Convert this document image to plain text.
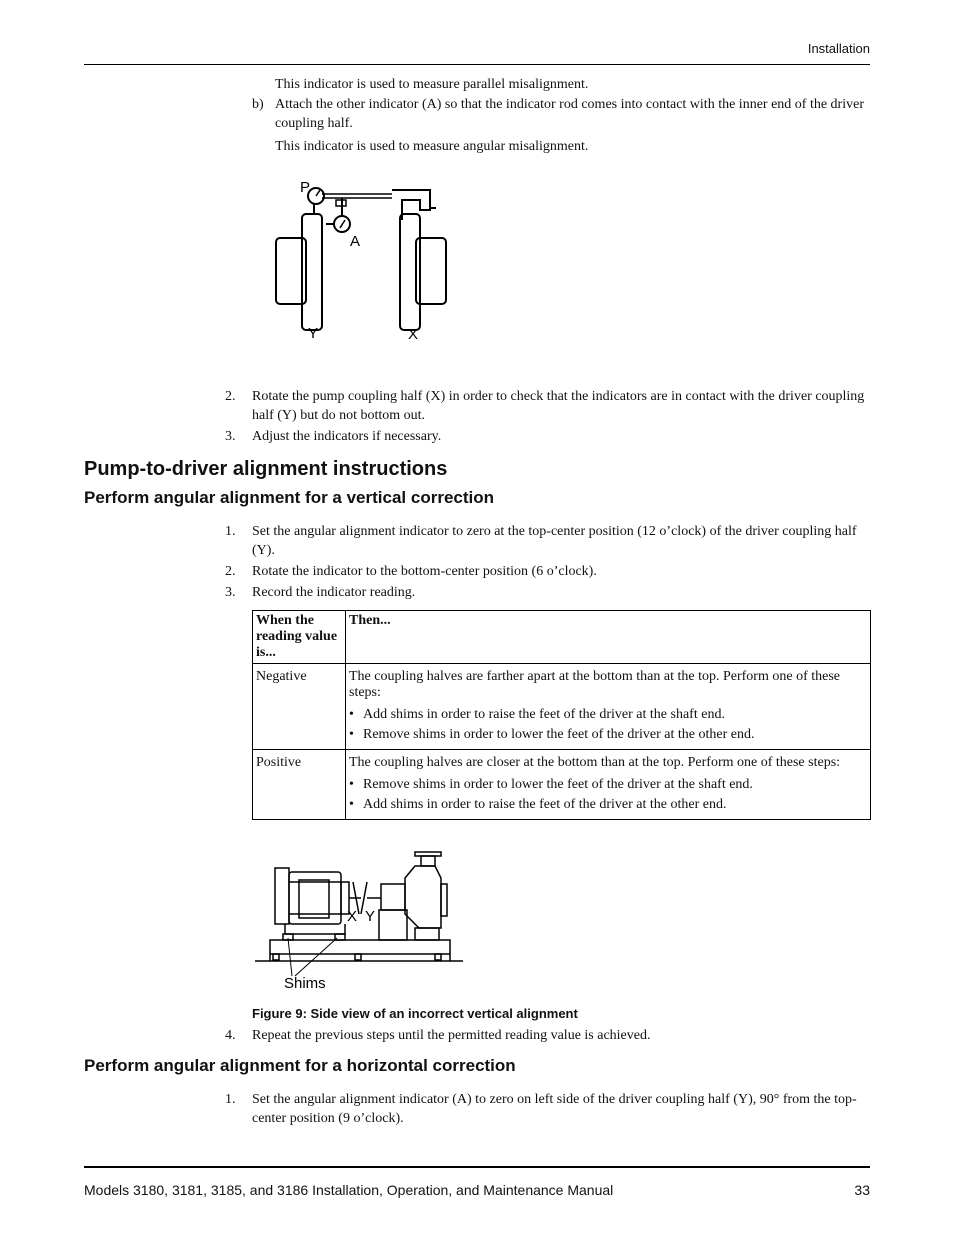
Installation
This indicator is used to measure parallel misalignment.
b) Attach the other indicator (A) so that the indicator rod comes into contact with the inner end of the driver coupling half.
This indicator is used to measure angular misalignment.
P
A
Y	X
2.	Rotate the pump coupling half (X) in order to check that the indicators are in contact with the driver coupling half (Y) but do not bottom out.
3.	Adjust the indicators if necessary.
Pump-to-driver alignment instructions
Perform angular alignment for a vertical correction
1.	Set the angular alignment indicator to zero at the top-center position (12 o’clock) of the driver coupling half (Y).
2.	Rotate the indicator to the bottom-center position (6 o’clock).
3.	Record the indicator reading.
When the reading value is...	Then...
Negative	The coupling halves are farther apart at the bottom than at the top. Perform one of these steps:
• Add shims in order to raise the feet of the driver at the shaft end.
• Remove shims in order to lower the feet of the driver at the other end.

Positive	The coupling halves are closer at the bottom than at the top. Perform one of these steps:
• Remove shims in order to lower the feet of the driver at the shaft end.
• Add shims in order to raise the feet of the driver at the other end.
X Y
Shims
Figure 9: Side view of an incorrect vertical alignment
4.	Repeat the previous steps until the permitted reading value is achieved.
Perform angular alignment for a horizontal correction
1.	Set the angular alignment indicator (A) to zero on left side of the driver coupling half (Y), 90° from the top-center position (9 o’clock).
Models 3180, 3181, 3185, and 3186 Installation, Operation, and Maintenance Manual	33
